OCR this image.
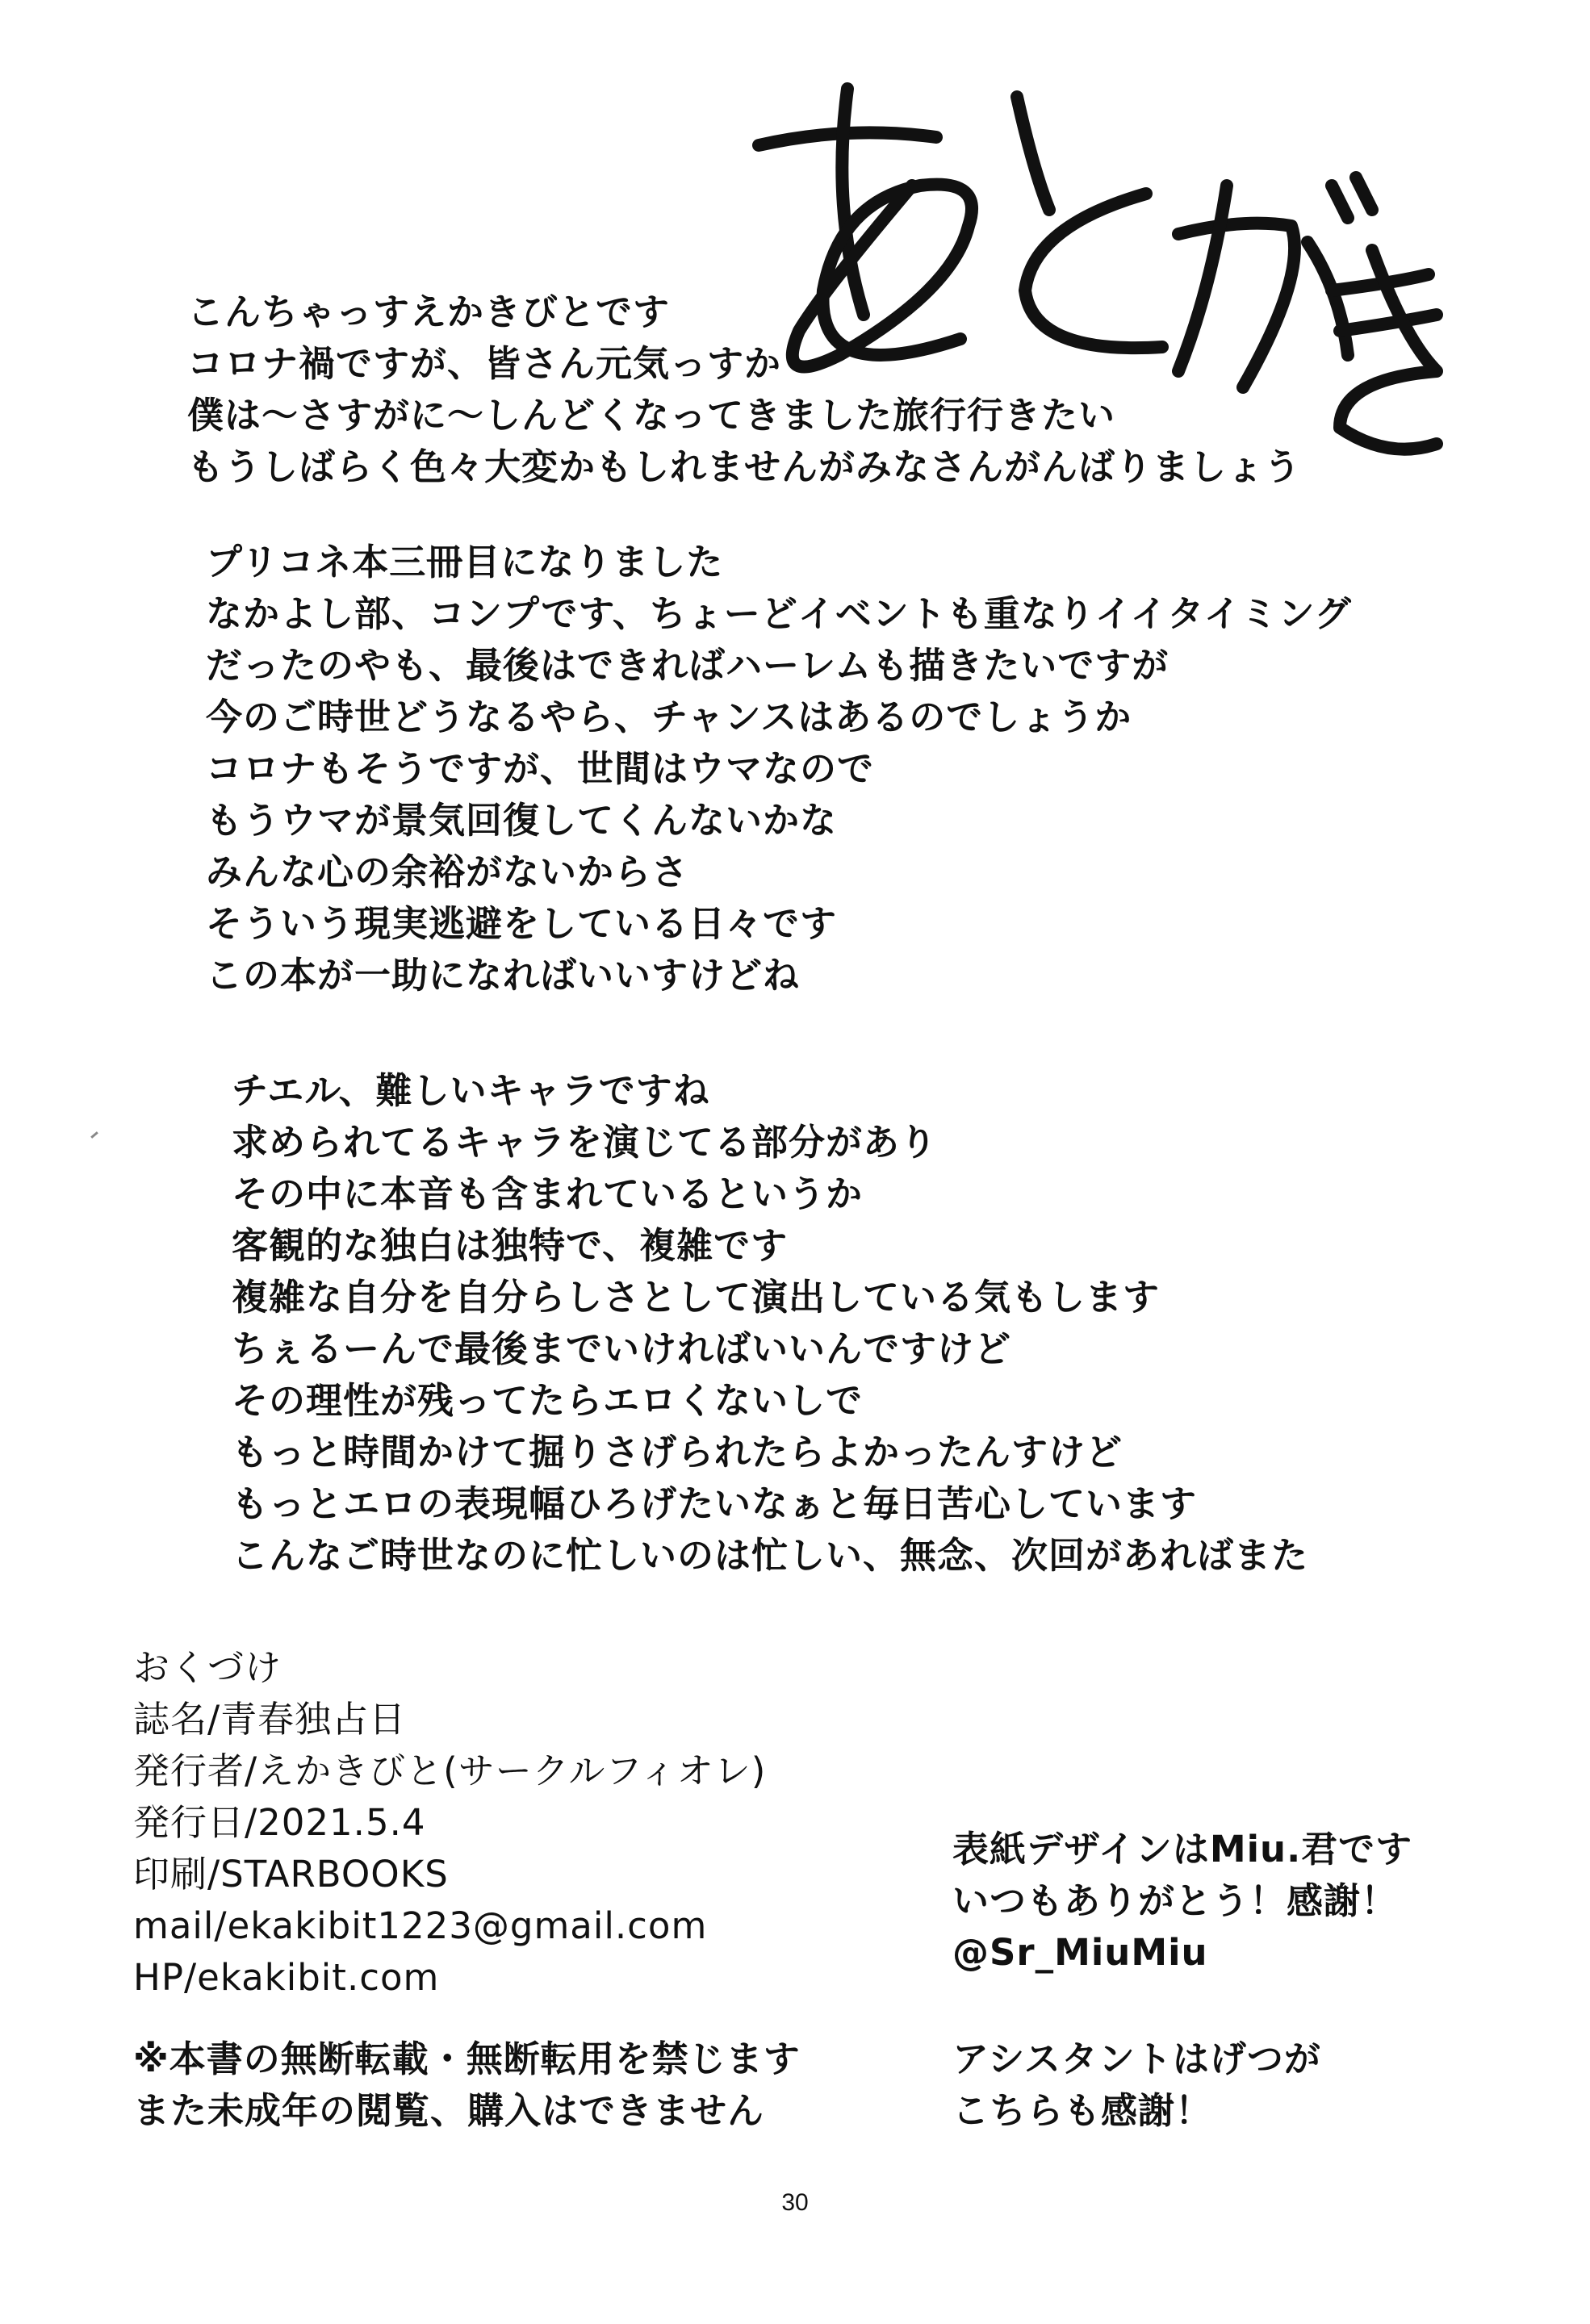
こんちゃっすえかきびとです
コロナ禍ですが、皆さん元気っすか
僕は〜さすがに〜しんどくなってきました旅行行きたい
もうしばらく色々大変かもしれませんがみなさんがんばりましょう
プリコネ本三冊目になりました
なかよし部、コンプです、ちょーどイベントも重なりイイタイミング
だったのやも、最後はできればハーレムも描きたいですが
今のご時世どうなるやら、チャンスはあるのでしょうか
コロナもそうですが、世間はウマなので
もうウマが景気回復してくんないかな
みんな心の余裕がないからさ
そういう現実逃避をしている日々です
この本が一助になればいいすけどね
チエル、難しいキャラですね
求められてるキャラを演じてる部分があり
その中に本音も含まれているというか
客観的な独白は独特で、複雑です
複雑な自分を自分らしさとして演出している気もします
ちぇるーんで最後までいければいいんですけど
その理性が残ってたらエロくないしで
もっと時間かけて掘りさげられたらよかったんすけど
もっとエロの表現幅ひろげたいなぁと毎日苦心しています
こんなご時世なのに忙しいのは忙しい、無念、次回があればまた
おくづけ
誌名/青春独占日
発行者/えかきびと(サークルフィオレ)
発行日/2021.5.4
印刷/STARBOOKS
mail/ekakibit1223@gmail.com
HP/ekakibit.com
※本書の無断転載・無断転用を禁じます
また未成年の閲覧、購入はできません
表紙デザインはMiu.君です
いつもありがとう！感謝！
@Sr_MiuMiu
アシスタントはげつが
こちらも感謝！
30
